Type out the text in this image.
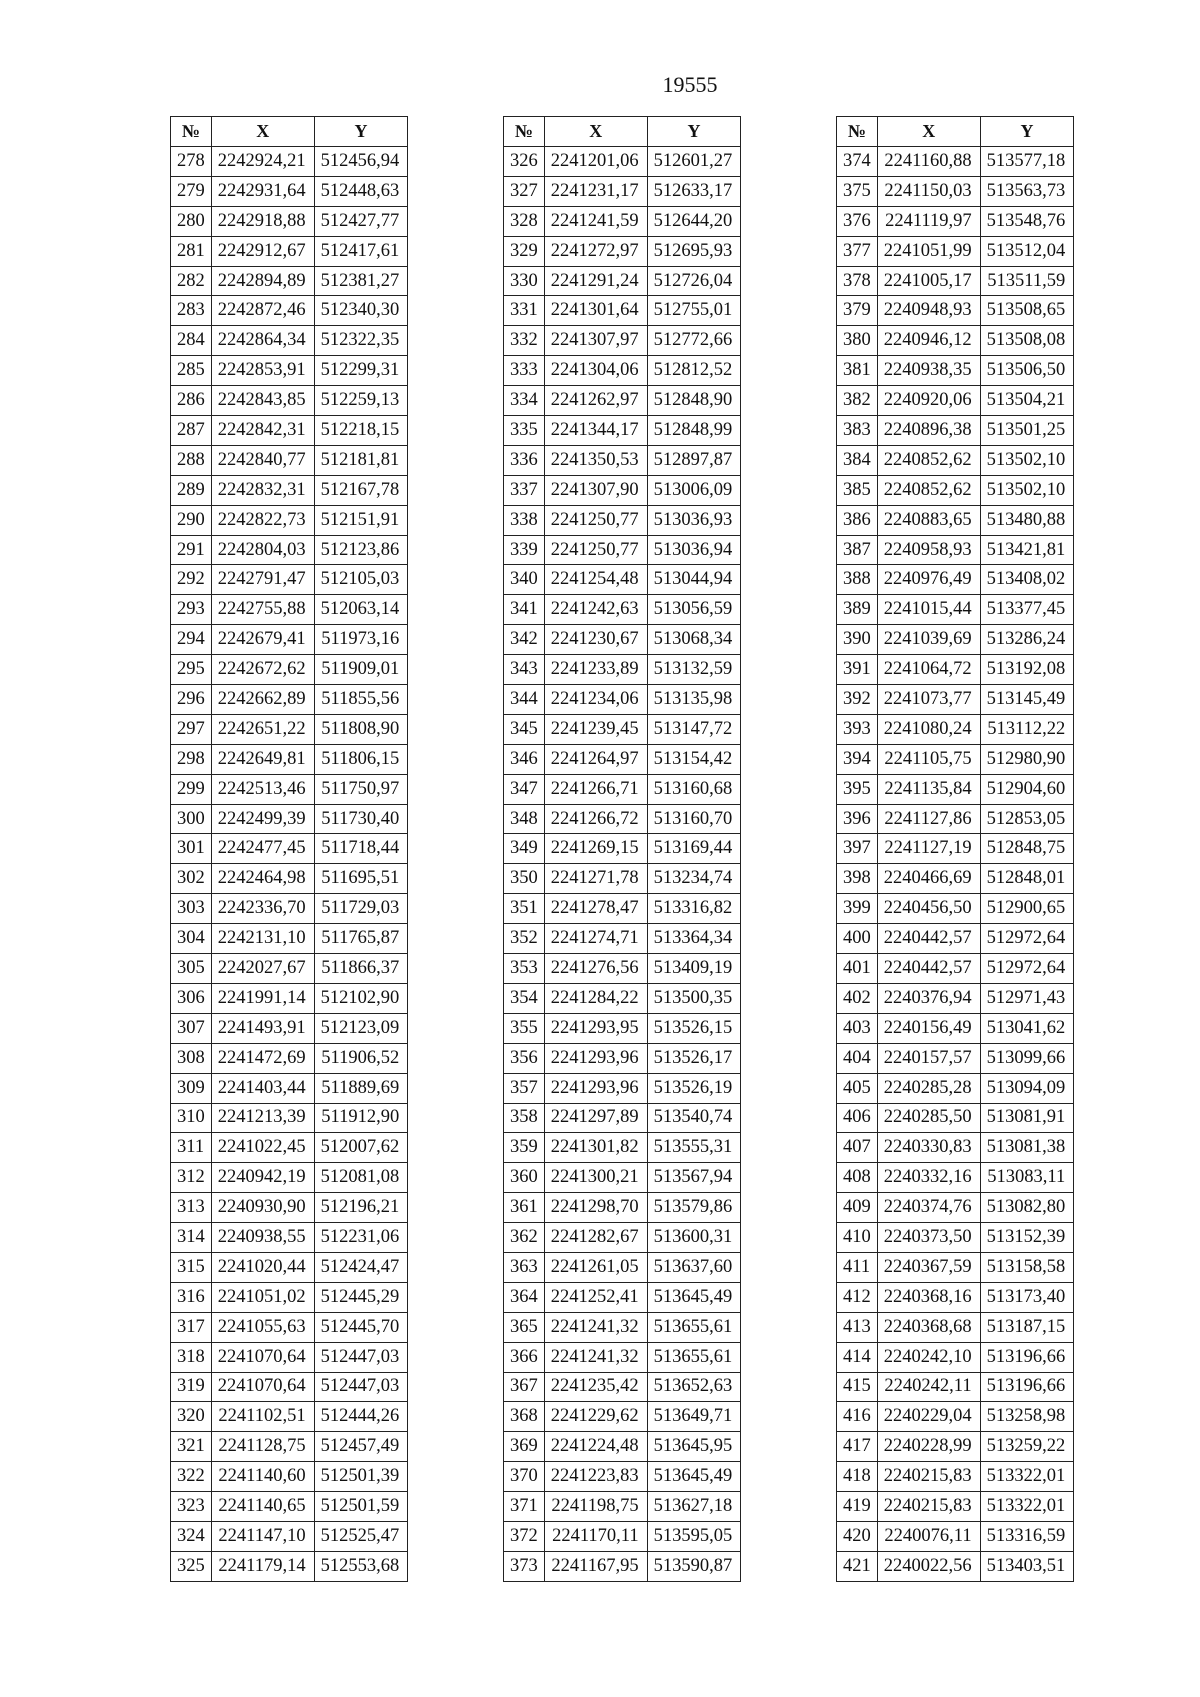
19555
№	X	Y
278	2242924,21	512456,94
279	2242931,64	512448,63
280	2242918,88	512427,77
281	2242912,67	512417,61
282	2242894,89	512381,27
283	2242872,46	512340,30
284	2242864,34	512322,35
285	2242853,91	512299,31
286	2242843,85	512259,13
287	2242842,31	512218,15
288	2242840,77	512181,81
289	2242832,31	512167,78
290	2242822,73	512151,91
291	2242804,03	512123,86
292	2242791,47	512105,03
293	2242755,88	512063,14
294	2242679,41	511973,16
295	2242672,62	511909,01
296	2242662,89	511855,56
297	2242651,22	511808,90
298	2242649,81	511806,15
299	2242513,46	511750,97
300	2242499,39	511730,40
301	2242477,45	511718,44
302	2242464,98	511695,51
303	2242336,70	511729,03
304	2242131,10	511765,87
305	2242027,67	511866,37
306	2241991,14	512102,90
307	2241493,91	512123,09
308	2241472,69	511906,52
309	2241403,44	511889,69
310	2241213,39	511912,90
311	2241022,45	512007,62
312	2240942,19	512081,08
313	2240930,90	512196,21
314	2240938,55	512231,06
315	2241020,44	512424,47
316	2241051,02	512445,29
317	2241055,63	512445,70
318	2241070,64	512447,03
319	2241070,64	512447,03
320	2241102,51	512444,26
321	2241128,75	512457,49
322	2241140,60	512501,39
323	2241140,65	512501,59
324	2241147,10	512525,47
325	2241179,14	512553,68
№	X	Y
326	2241201,06	512601,27
327	2241231,17	512633,17
328	2241241,59	512644,20
329	2241272,97	512695,93
330	2241291,24	512726,04
331	2241301,64	512755,01
332	2241307,97	512772,66
333	2241304,06	512812,52
334	2241262,97	512848,90
335	2241344,17	512848,99
336	2241350,53	512897,87
337	2241307,90	513006,09
338	2241250,77	513036,93
339	2241250,77	513036,94
340	2241254,48	513044,94
341	2241242,63	513056,59
342	2241230,67	513068,34
343	2241233,89	513132,59
344	2241234,06	513135,98
345	2241239,45	513147,72
346	2241264,97	513154,42
347	2241266,71	513160,68
348	2241266,72	513160,70
349	2241269,15	513169,44
350	2241271,78	513234,74
351	2241278,47	513316,82
352	2241274,71	513364,34
353	2241276,56	513409,19
354	2241284,22	513500,35
355	2241293,95	513526,15
356	2241293,96	513526,17
357	2241293,96	513526,19
358	2241297,89	513540,74
359	2241301,82	513555,31
360	2241300,21	513567,94
361	2241298,70	513579,86
362	2241282,67	513600,31
363	2241261,05	513637,60
364	2241252,41	513645,49
365	2241241,32	513655,61
366	2241241,32	513655,61
367	2241235,42	513652,63
368	2241229,62	513649,71
369	2241224,48	513645,95
370	2241223,83	513645,49
371	2241198,75	513627,18
372	2241170,11	513595,05
373	2241167,95	513590,87
№	X	Y
374	2241160,88	513577,18
375	2241150,03	513563,73
376	2241119,97	513548,76
377	2241051,99	513512,04
378	2241005,17	513511,59
379	2240948,93	513508,65
380	2240946,12	513508,08
381	2240938,35	513506,50
382	2240920,06	513504,21
383	2240896,38	513501,25
384	2240852,62	513502,10
385	2240852,62	513502,10
386	2240883,65	513480,88
387	2240958,93	513421,81
388	2240976,49	513408,02
389	2241015,44	513377,45
390	2241039,69	513286,24
391	2241064,72	513192,08
392	2241073,77	513145,49
393	2241080,24	513112,22
394	2241105,75	512980,90
395	2241135,84	512904,60
396	2241127,86	512853,05
397	2241127,19	512848,75
398	2240466,69	512848,01
399	2240456,50	512900,65
400	2240442,57	512972,64
401	2240442,57	512972,64
402	2240376,94	512971,43
403	2240156,49	513041,62
404	2240157,57	513099,66
405	2240285,28	513094,09
406	2240285,50	513081,91
407	2240330,83	513081,38
408	2240332,16	513083,11
409	2240374,76	513082,80
410	2240373,50	513152,39
411	2240367,59	513158,58
412	2240368,16	513173,40
413	2240368,68	513187,15
414	2240242,10	513196,66
415	2240242,11	513196,66
416	2240229,04	513258,98
417	2240228,99	513259,22
418	2240215,83	513322,01
419	2240215,83	513322,01
420	2240076,11	513316,59
421	2240022,56	513403,51
